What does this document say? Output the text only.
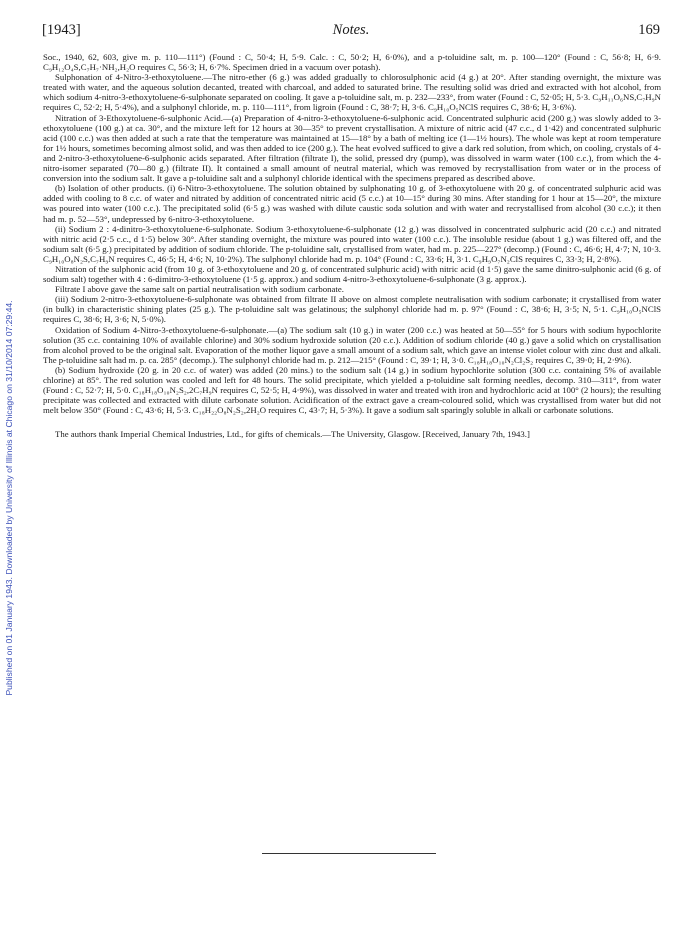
[1943]	Notes.	169
Published on 01 January 1943. Downloaded by University of Illinois at Chicago on 31/10/2014 07:29:44.

Soc., 1940, 62, 603, give m. p. 110—111°) (Found : C, 50·4; H, 5·9. Calc. : C, 50·2; H, 6·0%), and a p-toluidine salt, m. p. 100—120° (Found : C, 56·8; H, 6·9. C₉H₁₂O₄S,C₇H₇·NH₂,H₂O requires C, 56·3; H, 6·7%. Specimen dried in a vacuum over potash).

Sulphonation of 4-Nitro-3-ethoxytoluene.—The nitro-ether (6 g.) was added gradually to chlorosulphonic acid (4 g.) at 20°. After standing overnight, the mixture was treated with water, and the aqueous solution decanted, treated with charcoal, and added to saturated brine. The resulting solid was dried and extracted with hot alcohol, from which sodium 4-nitro-3-ethoxytoluene-6-sulphonate separated on cooling. It gave a p-toluidine salt, m. p. 232—233°, from water (Found : C, 52·05; H, 5·3. C₉H₁₁O₆NS,C₇H₉N requires C, 52·2; H, 5·4%), and a sulphonyl chloride, m. p. 110—111°, from ligroin (Found : C, 38·7; H, 3·6. C₉H₁₀O₅NClS requires C, 38·6; H, 3·6%).

Nitration of 3-Ethoxytoluene-6-sulphonic Acid.—(a) Preparation of 4-nitro-3-ethoxytoluene-6-sulphonic acid. Concentrated sulphuric acid (200 g.) was slowly added to 3-ethoxytoluene (100 g.) at ca. 30°, and the mixture left for 12 hours at 30—35° to prevent crystallisation. A mixture of nitric acid (47 c.c., d 1·42) and concentrated sulphuric acid (100 c.c.) was then added at such a rate that the temperature was maintained at 15—18° by a bath of melting ice (1—1½ hours). The whole was kept at room temperature for 1½ hours, sometimes becoming almost solid, and was then added to ice (200 g.). The heat evolved sufficed to give a dark red solution, from which, on cooling, crystals of 4- and 2-nitro-3-ethoxytoluene-6-sulphonic acids separated. After filtration (filtrate I), the solid, pressed dry (pump), was dissolved in warm water (100 c.c.), from which the 4-nitro-isomer separated (70—80 g.) (filtrate II). It contained a small amount of neutral material, which was removed by recrystallisation from water or in the process of conversion into the sodium salt. It gave a p-toluidine salt and a sulphonyl chloride identical with the specimens prepared as described above.

(b) Isolation of other products. (i) 6-Nitro-3-ethoxytoluene. The solution obtained by sulphonating 10 g. of 3-ethoxytoluene with 20 g. of concentrated sulphuric acid was added with cooling to 8 c.c. of water and nitrated by addition of concentrated nitric acid (5 c.c.) at 10—15° during 30 mins. After standing for 1 hour at 15—20°, the mixture was poured into water (100 c.c.). The precipitated solid (6·5 g.) was washed with dilute caustic soda solution and with water and recrystallised from alcohol (30 c.c.); it then had m. p. 52—53°, undepressed by 6-nitro-3-ethoxytoluene.

(ii) Sodium 2 : 4-dinitro-3-ethoxytoluene-6-sulphonate. Sodium 3-ethoxytoluene-6-sulphonate (12 g.) was dissolved in concentrated sulphuric acid (20 c.c.) and nitrated with nitric acid (2·5 c.c., d 1·5) below 30°. After standing overnight, the mixture was poured into water (100 c.c.). The insoluble residue (about 1 g.) was filtered off, and the sodium salt (6·5 g.) precipitated by addition of sodium chloride. The p-toluidine salt, crystallised from water, had m. p. 225—227° (decomp.) (Found : C, 46·6; H, 4·7; N, 10·3. C₉H₁₀O₈N₂S,C₇H₉N requires C, 46·5; H, 4·6; N, 10·2%). The sulphonyl chloride had m. p. 104° (Found : C, 33·6; H, 3·1. C₉H₉O₇N₂ClS requires C, 33·3; H, 2·8%).

Nitration of the sulphonic acid (from 10 g. of 3-ethoxytoluene and 20 g. of concentrated sulphuric acid) with nitric acid (d 1·5) gave the same dinitro-sulphonic acid (6 g. of sodium salt) together with 4 : 6-dimitro-3-ethoxytoluene (1·5 g. approx.) and sodium 4-nitro-3-ethoxytoluene-6-sulphonate (3 g. approx.).

Filtrate I above gave the same salt on partial neutralisation with sodium carbonate.

(iii) Sodium 2-nitro-3-ethoxytoluene-6-sulphonate was obtained from filtrate II above on almost complete neutralisation with sodium carbonate; it crystallised from water (in bulk) in characteristic shining plates (25 g.). The p-toluidine salt was gelatinous; the sulphonyl chloride had m. p. 97° (Found : C, 38·6; H, 3·5; N, 5·1. C₉H₁₀O₅NClS requires C, 38·6; H, 3·6; N, 5·0%).

Oxidation of Sodium 4-Nitro-3-ethoxytoluene-6-sulphonate.—(a) The sodium salt (10 g.) in water (200 c.c.) was heated at 50—55° for 5 hours with sodium hypochlorite solution (35 c.c. containing 10% of available chlorine) and 30% sodium hydroxide solution (20 c.c.). Addition of sodium chloride (40 g.) gave a solid which on crystallisation from alcohol proved to be the original salt. Evaporation of the mother liquor gave a small amount of a sodium salt, which gave an intense violet colour with zinc dust and alkali. The p-toluidine salt had m. p. ca. 285° (decomp.). The sulphonyl chloride had m. p. 212—215° (Found : C, 39·1; H, 3·0. C₁₈H₁₈O₁₀N₂Cl₂S₂ requires C, 39·0; H, 2·9%).

(b) Sodium hydroxide (20 g. in 20 c.c. of water) was added (20 mins.) to the sodium salt (14 g.) in sodium hypochlorite solution (300 c.c. containing 5% of available chlorine) at 85°. The red solution was cooled and left for 48 hours. The solid precipitate, which yielded a p-toluidine salt forming needles, decomp. 310—311°, from water (Found : C, 52·7; H, 5·0. C₁₈H₁₈O₁₀N₂S₂,2C₇H₉N requires C, 52·5; H, 4·9%), was dissolved in water and treated with iron and hydrochloric acid at 100° (2 hours); the resulting precipitate was collected and extracted with dilute carbonate solution. Acidification of the extract gave a cream-coloured solid, which was crystallised from water but did not melt below 350° (Found : C, 43·6; H, 5·3. C₁₈H₂₂O₈N₂S₂,2H₂O requires C, 43·7; H, 5·3%). It gave a sodium salt sparingly soluble in alkali or carbonate solutions.

The authors thank Imperial Chemical Industries, Ltd., for gifts of chemicals.—The University, Glasgow. [Received, January 7th, 1943.]
